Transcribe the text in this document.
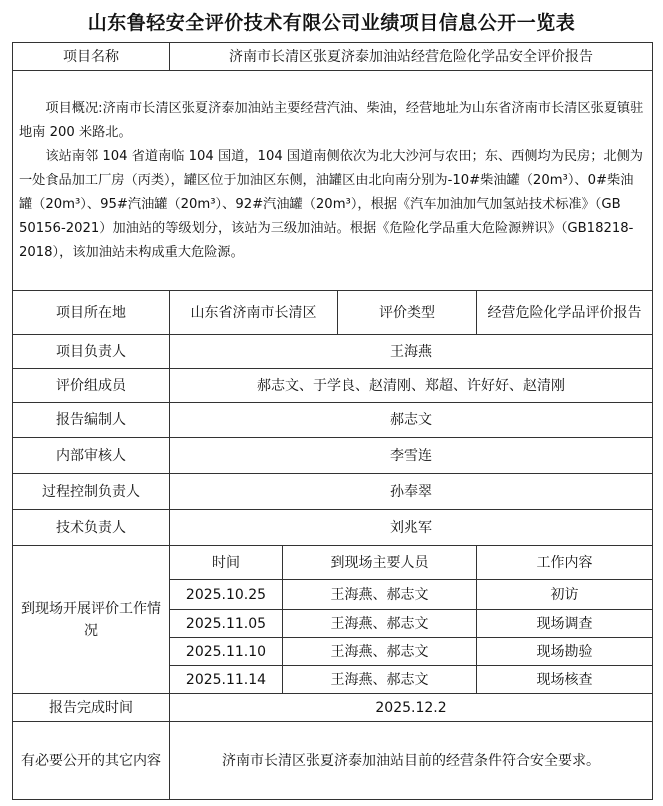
山东鲁轻安全评价技术有限公司业绩项目信息公开一览表
项目名称	济南市长清区张夏济泰加油站经营危险化学品安全评价报告			

项目概况:济南市长清区张夏济泰加油站主要经营汽油、柴油，经营地址为山东省济南市长清区张夏镇驻地南 200 米路北。

该站南邻 104 省道南临 104 国道，104 国道南侧依次为北大沙河与农田；东、西侧均为民房；北侧为一处食品加工厂房（丙类），罐区位于加油区东侧，油罐区由北向南分别为-10#柴油罐（20m³）、0#柴油罐（20m³）、95#汽油罐（20m³）、92#汽油罐（20m³），根据《汽车加油加气加氢站技术标准》（GB 50156-2021）加油站的等级划分，该站为三级加油站。根据《危险化学品重大危险源辨识》（GB18218-2018），该加油站未构成重大危险源。				

项目所在地	山东省济南市长清区		评价类型	经营危险化学品评价报告
项目负责人	王海燕			
评价组成员	郝志文、于学良、赵清刚、郑超、许好好、赵清刚			
报告编制人	郝志文			
内部审核人	李雪连			
过程控制负责人	孙奉翠			
技术负责人	刘兆军			
到现场开展评价工作情况	时间	到现场主要人员		工作内容
	2025.10.25	王海燕、郝志文		初访
	2025.11.05	王海燕、郝志文		现场调查
	2025.11.10	王海燕、郝志文		现场勘验
	2025.11.14	王海燕、郝志文		现场核查
报告完成时间	2025.12.2			
有必要公开的其它内容	济南市长清区张夏济泰加油站目前的经营条件符合安全要求。			
